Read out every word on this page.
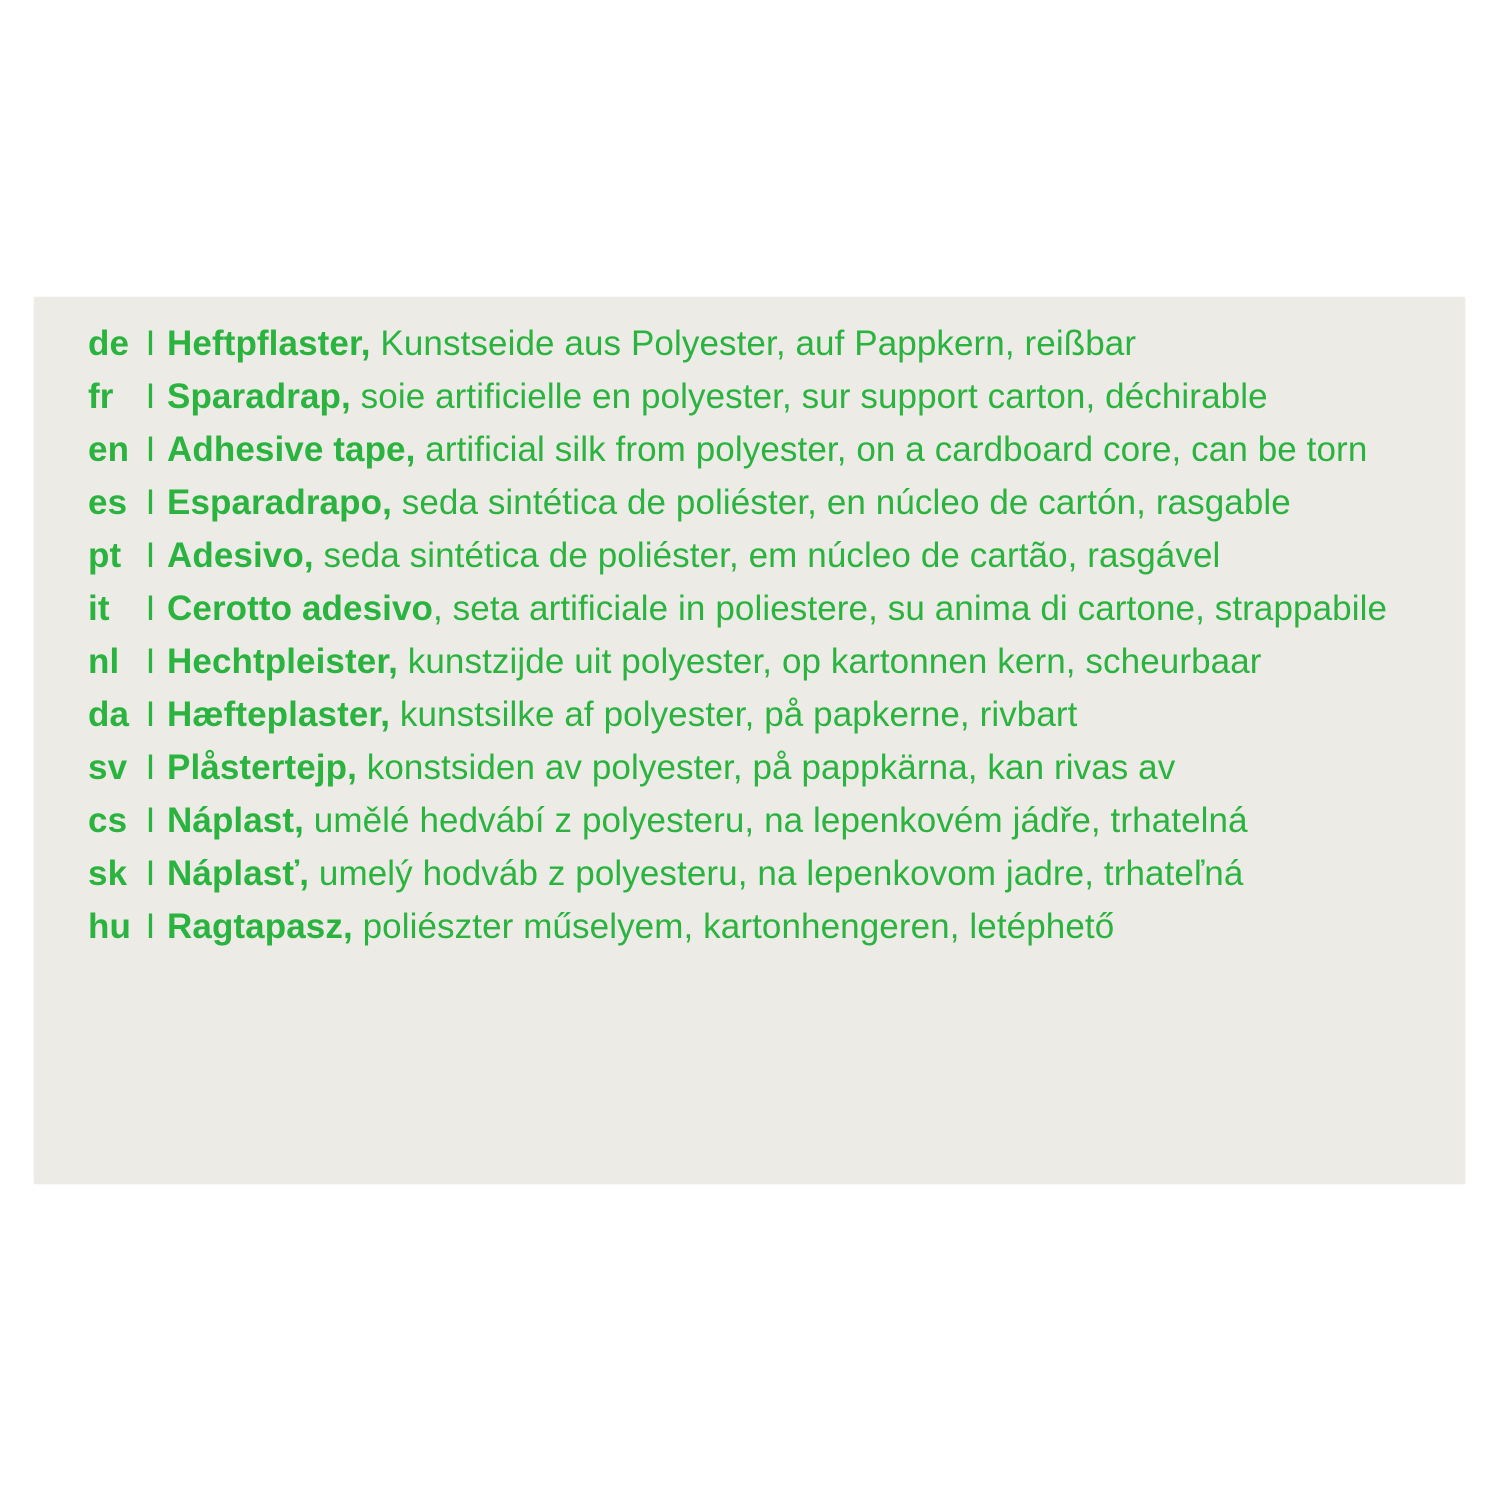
de I Heftpflaster, Kunstseide aus Polyester, auf Pappkern, reißbar
fr I Sparadrap, soie artificielle en polyester, sur support carton, déchirable
en I Adhesive tape, artificial silk from polyester, on a cardboard core, can be torn
es I Esparadrapo, seda sintética de poliéster, en núcleo de cartón, rasgable
pt I Adesivo, seda sintética de poliéster, em núcleo de cartão, rasgável
it I Cerotto adesivo, seta artificiale in poliestere, su anima di cartone, strappabile
nl I Hechtpleister, kunstzijde uit polyester, op kartonnen kern, scheurbaar
da I Hæfteplaster, kunstsilke af polyester, på papkerne, rivbart
sv I Plåstertejp, konstsiden av polyester, på pappkärna, kan rivas av
cs I Náplast, umělé hedvábí z polyesteru, na lepenkovém jádře, trhatelná
sk I Náplasť, umelý hodváb z polyesteru, na lepenkovom jadre, trhateľná
hu I Ragtapasz, poliészter műselyem, kartonhengeren, letéphető
